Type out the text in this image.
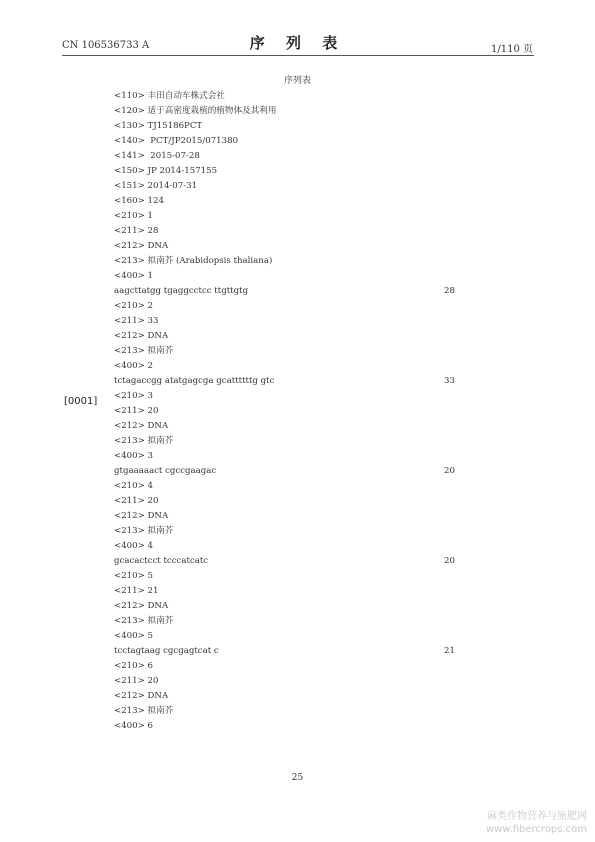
CN 106536733 A	序 列 表	1/110 页
序列表
[0001]
<110> 丰田自动车株式会社
<120> 适于高密度栽植的植物体及其利用
<130> TJ15186PCT
<140>  PCT/JP2015/071380
<141>  2015-07-28
<150> JP 2014-157155
<151> 2014-07-31
<160> 124
<210> 1
<211> 28
<212> DNA
<213> 拟南芥 (Arabidopsis thaliana)
<400> 1
aagcttatgg tgaggcctcc ttgttgtg	28
<210> 2
<211> 33
<212> DNA
<213> 拟南芥
<400> 2
tctagaccgg atatgagcga gcattttttg gtc	33
<210> 3
<211> 20
<212> DNA
<213> 拟南芥
<400> 3
gtgaaaaact cgccgaagac	20
<210> 4
<211> 20
<212> DNA
<213> 拟南芥
<400> 4
gcacactcct tcccatcatc	20
<210> 5
<211> 21
<212> DNA
<213> 拟南芥
<400> 5
tcctagtaag cgcgagtcat c	21
<210> 6
<211> 20
<212> DNA
<213> 拟南芥
<400> 6
25
麻类作物营养与施肥网
www.fibercrops.com
